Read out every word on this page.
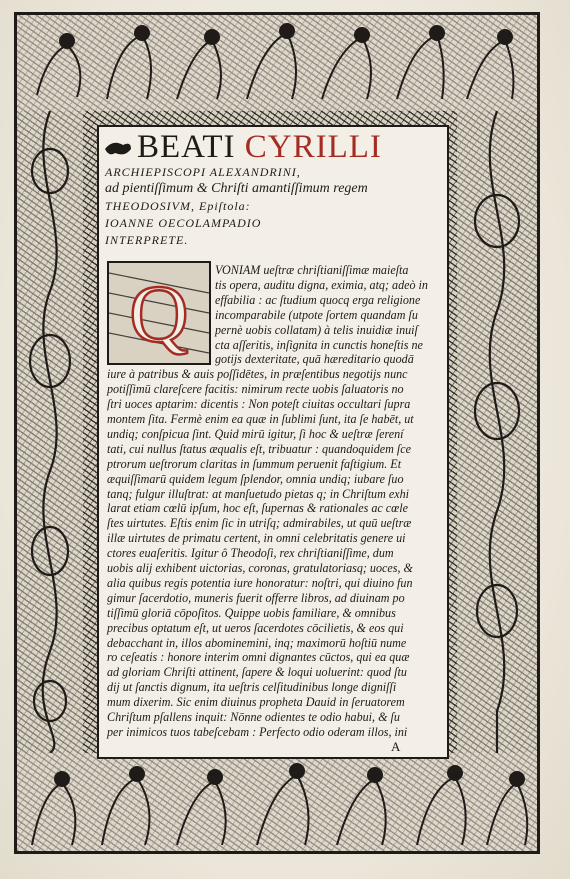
BEATI CYRILLI
ARCHIEPISCOPI ALEXANDRINI,
ad pientiſſimum & Chriſti amantiſſimum regem
THEODOSIVM, Epiſtola:
IOANNE OECOLAMPADIO
INTERPRETE.
Q VONIAM ueſtræ chriſtianiſſimæ maieſta
tis opera, auditu digna, eximia, atq; adeò in
effabilia : ac ſtudium quocq erga religione
incomparabile (utpote ſortem quandam ſu
pernè uobis collatam) à telis inuidiæ inuiſ
cta aſſeritis, inſignita in cunctis honeſtis ne
gotijs dexteritate, quā hæreditario quodā
iure à patribus & auis poſſidētes, in præſentibus negotijs nunc
potiſſimū clareſcere facitis: nimirum recte uobis ſaluatoris no
ſtri uoces aptarim: dicentis : Non poteſt ciuitas occultari ſupra
montem ſita. Fermè enim ea quæ in ſublimi ſunt, ita ſe habēt, ut
undiq; conſpicua ſint. Quid mirū igitur, ſi hoc & ueſtræ ſerení
tati, cui nullus ſtatus æqualis eſt, tribuatur : quandoquidem ſce
ptrorum ueſtrorum claritas in ſummum peruenit faſtigium. Et
æquiſſimarū quidem legum ſplendor, omnia undiq; iubare ſuo
tanq; fulgur illuſtrat: at manſuetudo pietas q; in Chriſtum exhi
larat etiam cœlū ipſum, hoc eſt, ſupernas & rationales ac cœle
ſtes uirtutes. Eſtis enim ſic in utriſq; admirabiles, ut quū ueſtræ
illæ uirtutes de primatu certent, in omni celebritatis genere ui
ctores euaſeritis. Igitur ô Theodoſi, rex chriſtianiſſime, dum
uobis alij exhibent uictorias, coronas, gratulatoriasq; uoces, &
alia quibus regis potentia iure honoratur: noſtri, qui diuino fun
gimur ſacerdotio, muneris fuerit offerre libros, ad diuinam po
tiſſimū gloriā cōpoſitos. Quippe uobis familiare, & omnibus
precibus optatum eſt, ut ueros ſacerdotes cōcilietis, & eos qui
debacchant in, illos abominemini, inq; maximorū hoſtiū nume
ro ceſeatis : honore interim omni dignantes cūctos, qui ea quæ
ad gloriam Chriſti attinent, ſapere & loqui uoluerint: quod ſtu
dij ut ſanctis dignum, ita ueſtris celſitudinibus longe digniſſi
mum dixerim. Sic enim diuinus propheta Dauid in ſeruatorem
Chriſtum pſallens inquit: Nōnne odientes te odio habui, & ſu
per inimicos tuos tabeſcebam : Perfecto odio oderam illos, ini
A
